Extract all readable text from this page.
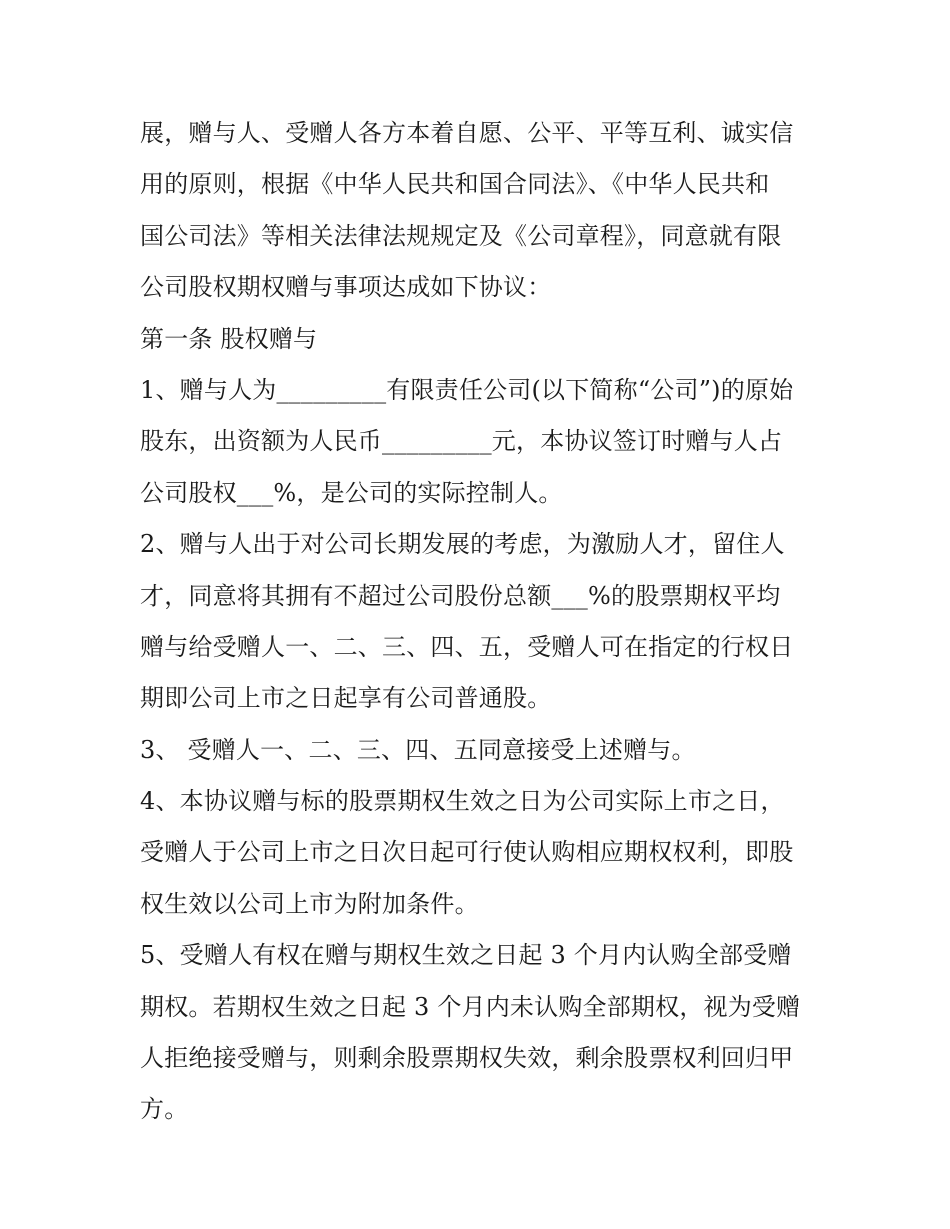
展，赠与人、受赠人各方本着自愿、公平、平等互利、诚实信
用的原则，根据《中华人民共和国合同法》、《中华人民共和
国公司法》等相关法律法规规定及《公司章程》，同意就有限
公司股权期权赠与事项达成如下协议：
第一条 股权赠与
1、赠与人为_________有限责任公司(以下简称“公司”)的原始
股东，出资额为人民币_________元，本协议签订时赠与人占
公司股权___%，是公司的实际控制人。
2、赠与人出于对公司长期发展的考虑，为激励人才，留住人
才，同意将其拥有不超过公司股份总额___%的股票期权平均
赠与给受赠人一、二、三、四、五，受赠人可在指定的行权日
期即公司上市之日起享有公司普通股。
3、 受赠人一、二、三、四、五同意接受上述赠与。
4、本协议赠与标的股票期权生效之日为公司实际上市之日，
受赠人于公司上市之日次日起可行使认购相应期权权利，即股
权生效以公司上市为附加条件。
5、受赠人有权在赠与期权生效之日起 3 个月内认购全部受赠
期权。若期权生效之日起 3 个月内未认购全部期权，视为受赠
人拒绝接受赠与，则剩余股票期权失效，剩余股票权利回归甲
方。
